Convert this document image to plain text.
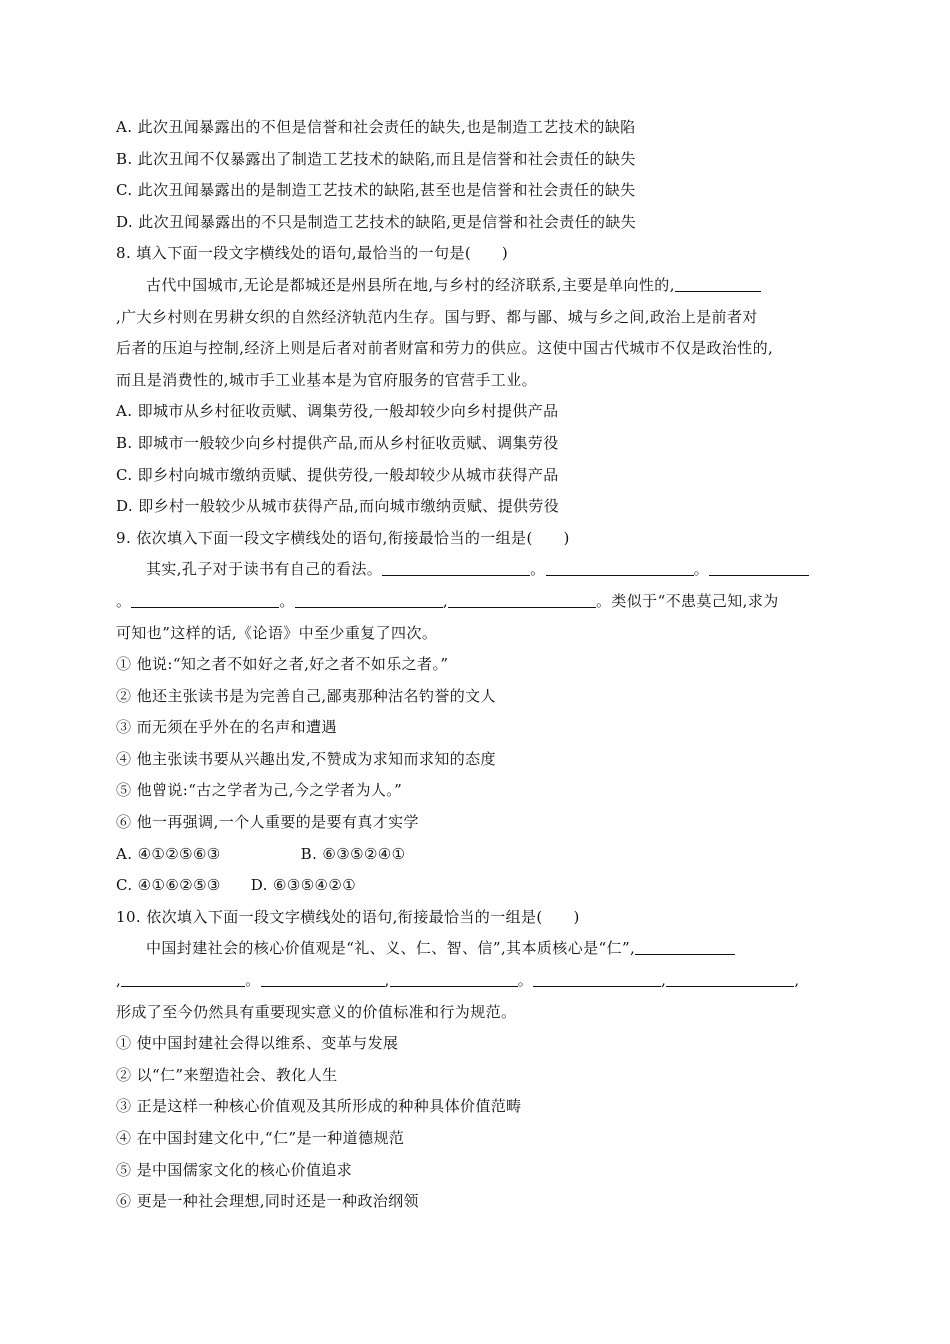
A. 此次丑闻暴露出的不但是信誉和社会责任的缺失,也是制造工艺技术的缺陷
B. 此次丑闻不仅暴露出了制造工艺技术的缺陷,而且是信誉和社会责任的缺失
C. 此次丑闻暴露出的是制造工艺技术的缺陷,甚至也是信誉和社会责任的缺失
D. 此次丑闻暴露出的不只是制造工艺技术的缺陷,更是信誉和社会责任的缺失
8. 填入下面一段文字横线处的语句,最恰当的一句是(　　)
古代中国城市,无论是都城还是州县所在地,与乡村的经济联系,主要是单向性的,
,广大乡村则在男耕女织的自然经济轨范内生存。国与野、都与鄙、城与乡之间,政治上是前者对
后者的压迫与控制,经济上则是后者对前者财富和劳力的供应。这使中国古代城市不仅是政治性的,
而且是消费性的,城市手工业基本是为官府服务的官营手工业。
A. 即城市从乡村征收贡赋、调集劳役,一般却较少向乡村提供产品
B. 即城市一般较少向乡村提供产品,而从乡村征收贡赋、调集劳役
C. 即乡村向城市缴纳贡赋、提供劳役,一般却较少从城市获得产品
D. 即乡村一般较少从城市获得产品,而向城市缴纳贡赋、提供劳役
9. 依次填入下面一段文字横线处的语句,衔接最恰当的一组是(　　)
其实,孔子对于读书有自己的看法。	。	。
。	。	,	。类似于“不患莫己知,求为
可知也”这样的话,《论语》中至少重复了四次。
① 他说:“知之者不如好之者,好之者不如乐之者。”
② 他还主张读书是为完善自己,鄙夷那种沽名钓誉的文人
③ 而无须在乎外在的名声和遭遇
④ 他主张读书要从兴趣出发,不赞成为求知而求知的态度
⑤ 他曾说:“古之学者为己,今之学者为人。”
⑥ 他一再强调,一个人重要的是要有真才实学
A. ④①②⑤⑥③	B. ⑥③⑤②④①
C. ④①⑥②⑤③ D. ⑥③⑤④②①
10. 依次填入下面一段文字横线处的语句,衔接最恰当的一组是(　　)
中国封建社会的核心价值观是“礼、义、仁、智、信”,其本质核心是“仁”,
,	。	,	。	,	,
形成了至今仍然具有重要现实意义的价值标准和行为规范。
① 使中国封建社会得以维系、变革与发展
② 以“仁”来塑造社会、教化人生
③ 正是这样一种核心价值观及其所形成的种种具体价值范畴
④ 在中国封建文化中,“仁”是一种道德规范
⑤ 是中国儒家文化的核心价值追求
⑥ 更是一种社会理想,同时还是一种政治纲领
